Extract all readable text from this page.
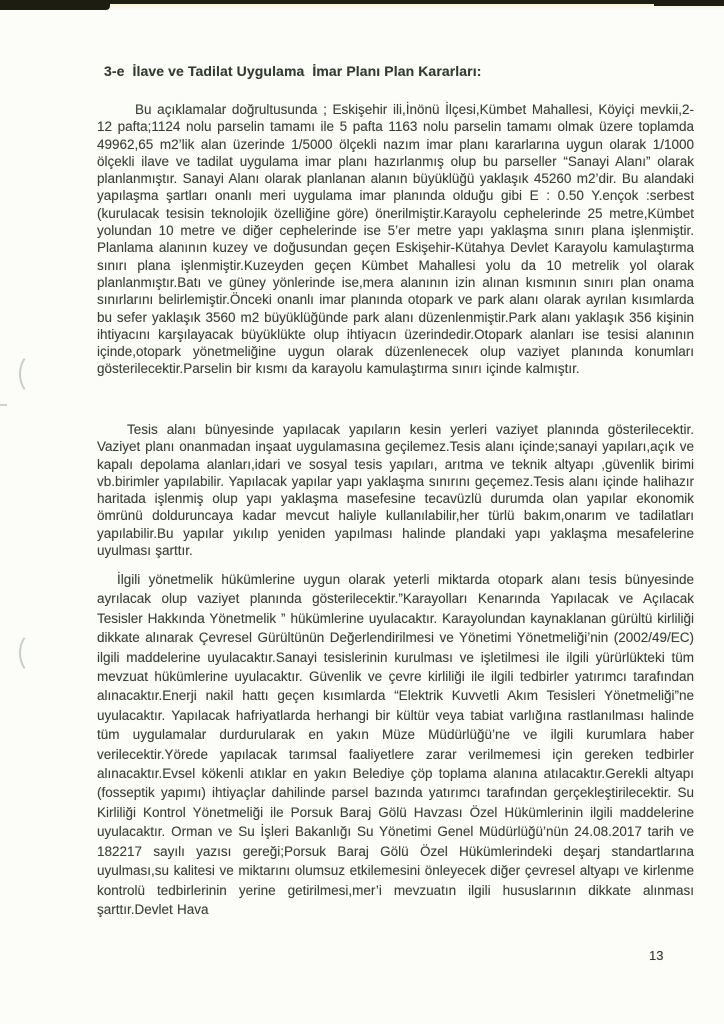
3-e  İlave ve Tadilat Uygulama  İmar Planı Plan Kararları:
Bu açıklamalar doğrultusunda ; Eskişehir ili,İnönü İlçesi,Kümbet Mahallesi, Köyiçi mevkii,2-12 pafta;1124 nolu parselin tamamı ile 5 pafta 1163 nolu parselin tamamı olmak üzere toplamda 49962,65 m2’lik alan üzerinde 1/5000 ölçekli nazım imar planı kararlarına uygun olarak 1/1000 ölçekli ilave ve tadilat uygulama imar planı hazırlanmış olup bu parseller “Sanayi Alanı” olarak planlanmıştır. Sanayi Alanı olarak planlanan alanın büyüklüğü yaklaşık 45260 m2’dir. Bu alandaki yapılaşma şartları onanlı meri uygulama imar planında olduğu gibi E : 0.50 Y.ençok :serbest (kurulacak tesisin teknolojik özelliğine göre) önerilmiştir.Karayolu cephelerinde 25 metre,Kümbet yolundan 10 metre ve diğer cephelerinde ise 5’er metre yapı yaklaşma sınırı plana işlenmiştir. Planlama alanının kuzey ve doğusundan geçen Eskişehir-Kütahya Devlet Karayolu kamulaştırma sınırı plana işlenmiştir.Kuzeyden geçen Kümbet Mahallesi yolu da 10 metrelik yol olarak planlanmıştır.Batı ve güney yönlerinde ise,mera alanının izin alınan kısmının sınırı plan onama sınırlarını belirlemiştir.Önceki onanlı imar planında otopark ve park alanı olarak ayrılan kısımlarda bu sefer yaklaşık 3560 m2 büyüklüğünde park alanı düzenlenmiştir.Park alanı yaklaşık 356 kişinin ihtiyacını karşılayacak büyüklükte olup ihtiyacın üzerindedir.Otopark alanları ise tesisi alanının içinde,otopark yönetmeliğine uygun olarak düzenlenecek olup vaziyet planında konumları gösterilecektir.Parselin bir kısmı da karayolu kamulaştırma sınırı içinde kalmıştır.
Tesis alanı bünyesinde yapılacak yapıların kesin yerleri vaziyet planında gösterilecektir. Vaziyet planı onanmadan inşaat uygulamasına geçilemez.Tesis alanı içinde;sanayi yapıları,açık ve kapalı depolama alanları,idari ve sosyal tesis yapıları, arıtma ve teknik altyapı ,güvenlik birimi vb.birimler yapılabilir. Yapılacak yapılar yapı yaklaşma sınırını geçemez.Tesis alanı içinde halihazır haritada işlenmiş olup yapı yaklaşma masefesine tecavüzlü durumda olan yapılar ekonomik ömrünü dolduruncaya kadar mevcut haliyle kullanılabilir,her türlü bakım,onarım ve tadilatları yapılabilir.Bu yapılar yıkılıp yeniden yapılması halinde plandaki yapı yaklaşma mesafelerine uyulması şarttır.
İlgili yönetmelik hükümlerine uygun olarak yeterli miktarda otopark alanı tesis bünyesinde ayrılacak olup vaziyet planında gösterilecektir.”Karayolları Kenarında Yapılacak ve Açılacak Tesisler Hakkında Yönetmelik ” hükümlerine uyulacaktır. Karayolundan kaynaklanan gürültü kirliliği dikkate alınarak Çevresel Gürültünün Değerlendirilmesi ve Yönetimi Yönetmeliği’nin (2002/49/EC) ilgili maddelerine uyulacaktır.Sanayi tesislerinin kurulması ve işletilmesi ile ilgili yürürlükteki tüm mevzuat hükümlerine uyulacaktır. Güvenlik ve çevre kirliliği ile ilgili tedbirler yatırımcı tarafından alınacaktır.Enerji nakil hattı geçen kısımlarda “Elektrik Kuvvetli Akım Tesisleri Yönetmeliği”ne uyulacaktır. Yapılacak hafriyatlarda herhangi bir kültür veya tabiat varlığına rastlanılması halinde tüm uygulamalar durdurularak en yakın Müze Müdürlüğü’ne ve ilgili kurumlara haber verilecektir.Yörede yapılacak tarımsal faaliyetlere zarar verilmemesi için gereken tedbirler alınacaktır.Evsel kökenli atıklar en yakın Belediye çöp toplama alanına atılacaktır.Gerekli altyapı (fosseptik yapımı) ihtiyaçlar dahilinde parsel bazında yatırımcı tarafından gerçekleştirilecektir. Su Kirliliği Kontrol Yönetmeliği ile Porsuk Baraj Gölü Havzası Özel Hükümlerinin ilgili maddelerine uyulacaktır. Orman ve Su İşleri Bakanlığı Su Yönetimi Genel Müdürlüğü’nün 24.08.2017 tarih ve 182217 sayılı yazısı gereği;Porsuk Baraj Gölü Özel Hükümlerindeki deşarj standartlarına uyulması,su kalitesi ve miktarını olumsuz etkilemesini önleyecek diğer çevresel altyapı ve kirlenme kontrolü tedbirlerinin yerine getirilmesi,mer’i mevzuatın ilgili hususlarının dikkate alınması şarttır.Devlet Hava
13
